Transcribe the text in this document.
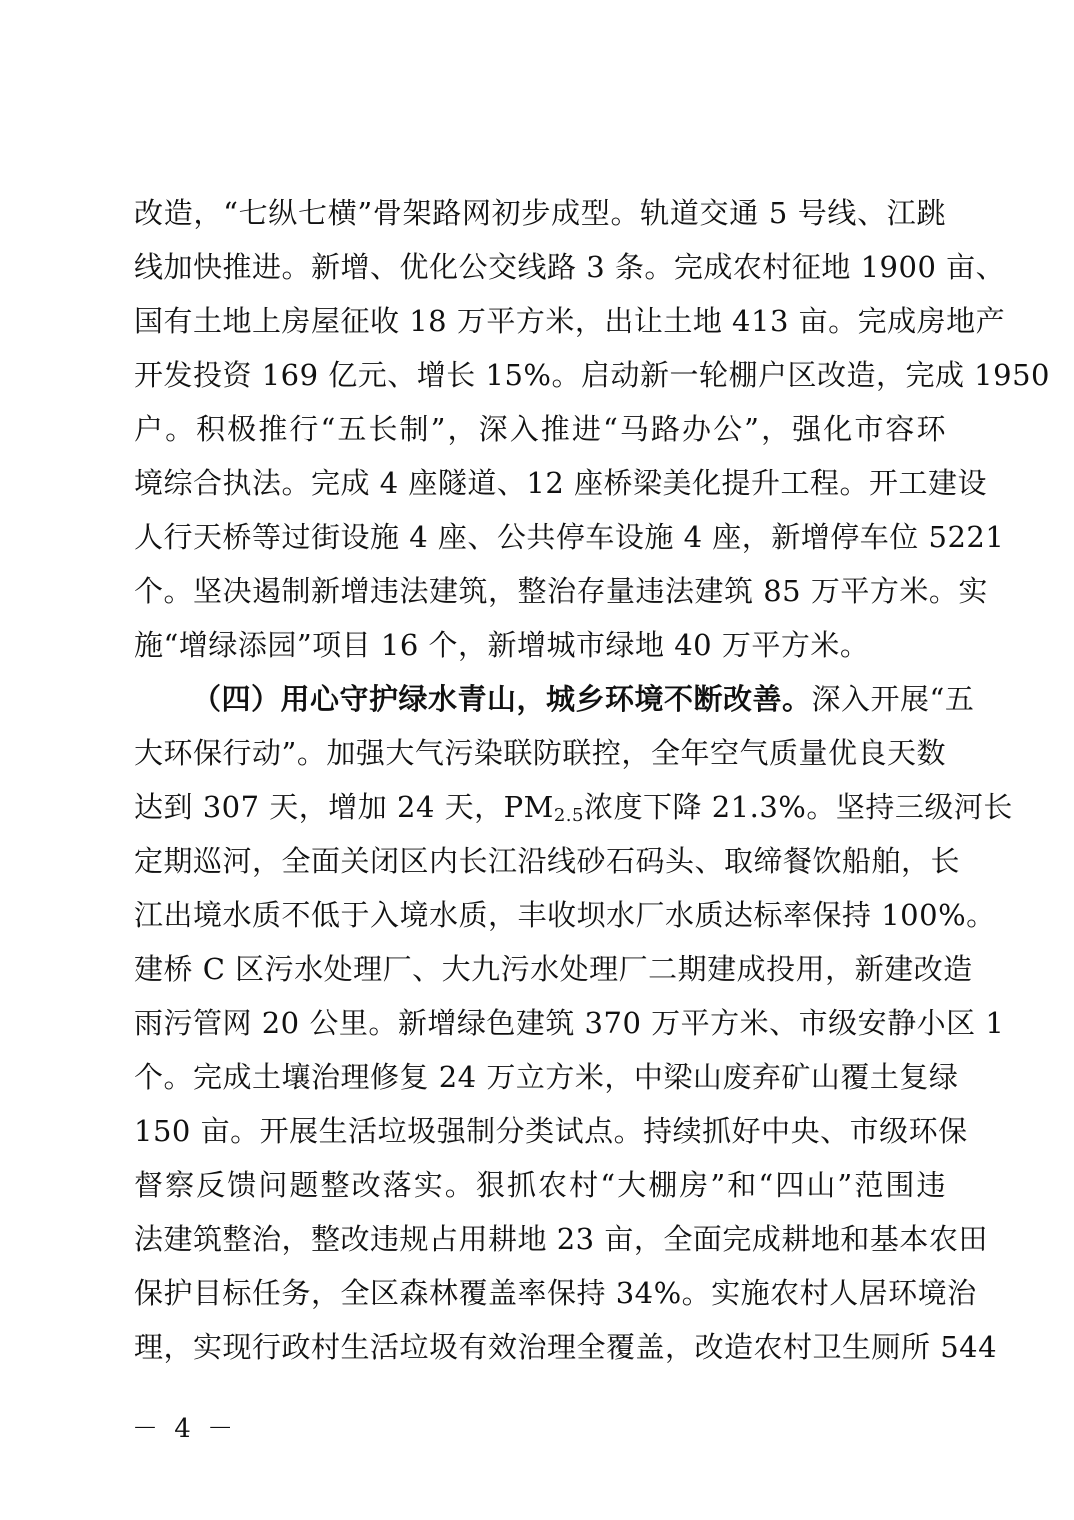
改造，“七纵七横”骨架路网初步成型。轨道交通 5 号线、江跳
线加快推进。新增、优化公交线路 3 条。完成农村征地 1900 亩、
国有土地上房屋征收 18 万平方米，出让土地 413 亩。完成房地产
开发投资 169 亿元、增长 15%。启动新一轮棚户区改造，完成 1950
户。积极推行“五长制”，深入推进“马路办公”，强化市容环
境综合执法。完成 4 座隧道、12 座桥梁美化提升工程。开工建设
人行天桥等过街设施 4 座、公共停车设施 4 座，新增停车位 5221
个。坚决遏制新增违法建筑，整治存量违法建筑 85 万平方米。实
施“增绿添园”项目 16 个，新增城市绿地 40 万平方米。
（四）用心守护绿水青山，城乡环境不断改善。深入开展“五
大环保行动”。加强大气污染联防联控，全年空气质量优良天数
达到 307 天，增加 24 天，$PM_{2.5}$浓度下降 21.3%。坚持三级河长
定期巡河，全面关闭区内长江沿线砂石码头、取缔餐饮船舶，长
江出境水质不低于入境水质，丰收坝水厂水质达标率保持 100%。
建桥 C 区污水处理厂、大九污水处理厂二期建成投用，新建改造
雨污管网 20 公里。新增绿色建筑 370 万平方米、市级安静小区 1
个。完成土壤治理修复 24 万立方米，中梁山废弃矿山覆土复绿
150 亩。开展生活垃圾强制分类试点。持续抓好中央、市级环保
督察反馈问题整改落实。狠抓农村“大棚房”和“四山”范围违
法建筑整治，整改违规占用耕地 23 亩，全面完成耕地和基本农田
保护目标任务，全区森林覆盖率保持 34%。实施农村人居环境治
理，实现行政村生活垃圾有效治理全覆盖，改造农村卫生厕所 544
－ 4 －
